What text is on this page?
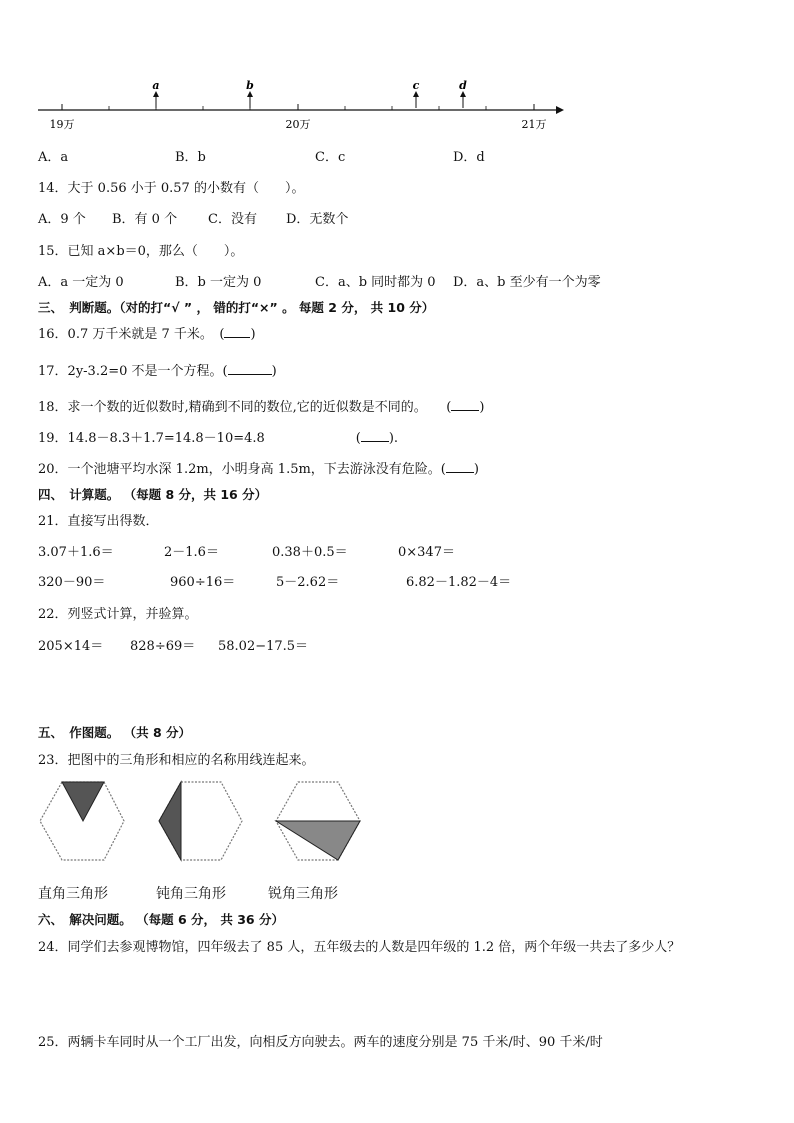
a	b	c	d
19万	20万	21万
A．a	B．b	C．c	D．d
14．大于 0.56 小于 0.57 的小数有（　　）。
A．9 个 B．有 0 个 C．没有 D．无数个
15．已知 a×b＝0，那么（　　）。
A．a 一定为 0	B．b 一定为 0	C．a、b 同时都为 0 D．a、b 至少有一个为零
三、　判断题。（对的打“√ ” ， 错的打“×” 。 每题 2 分， 共 10 分）
16．0.7 万千米就是 7 千米。　( )
17．2y-3.2=0 不是一个方程。(	)
18．求一个数的近似数时,精确到不同的数位,它的近似数是不同的。　　( )
19．14.8－8.3＋1.7=14.8－10=4.8　　　　　　　( ).
20．一个池塘平均水深 1.2m，小明身高 1.5m，下去游泳没有危险。( )
四、　计算题。 （每题 8 分，共 16 分）
21．直接写出得数．
3.07＋1.6＝	2－1.6＝	0.38＋0.5＝	0×347＝
320－90＝	960÷16＝	5－2.62＝	6.82－1.82－4＝
22．列竖式计算，并验算。
205×14＝ 828÷69＝ 58.02−17.5＝
五、　作图题。 （共 8 分）
23．把图中的三角形和相应的名称用线连起来。
直角三角形	钝角三角形	锐角三角形
六、　解决问题。 （每题 6 分， 共 36 分）
24．同学们去参观博物馆，四年级去了 85 人，五年级去的人数是四年级的 1.2 倍，两个年级一共去了多少人？
25．两辆卡车同时从一个工厂出发，向相反方向驶去。两车的速度分别是 75 千米/时、90 千米/时
